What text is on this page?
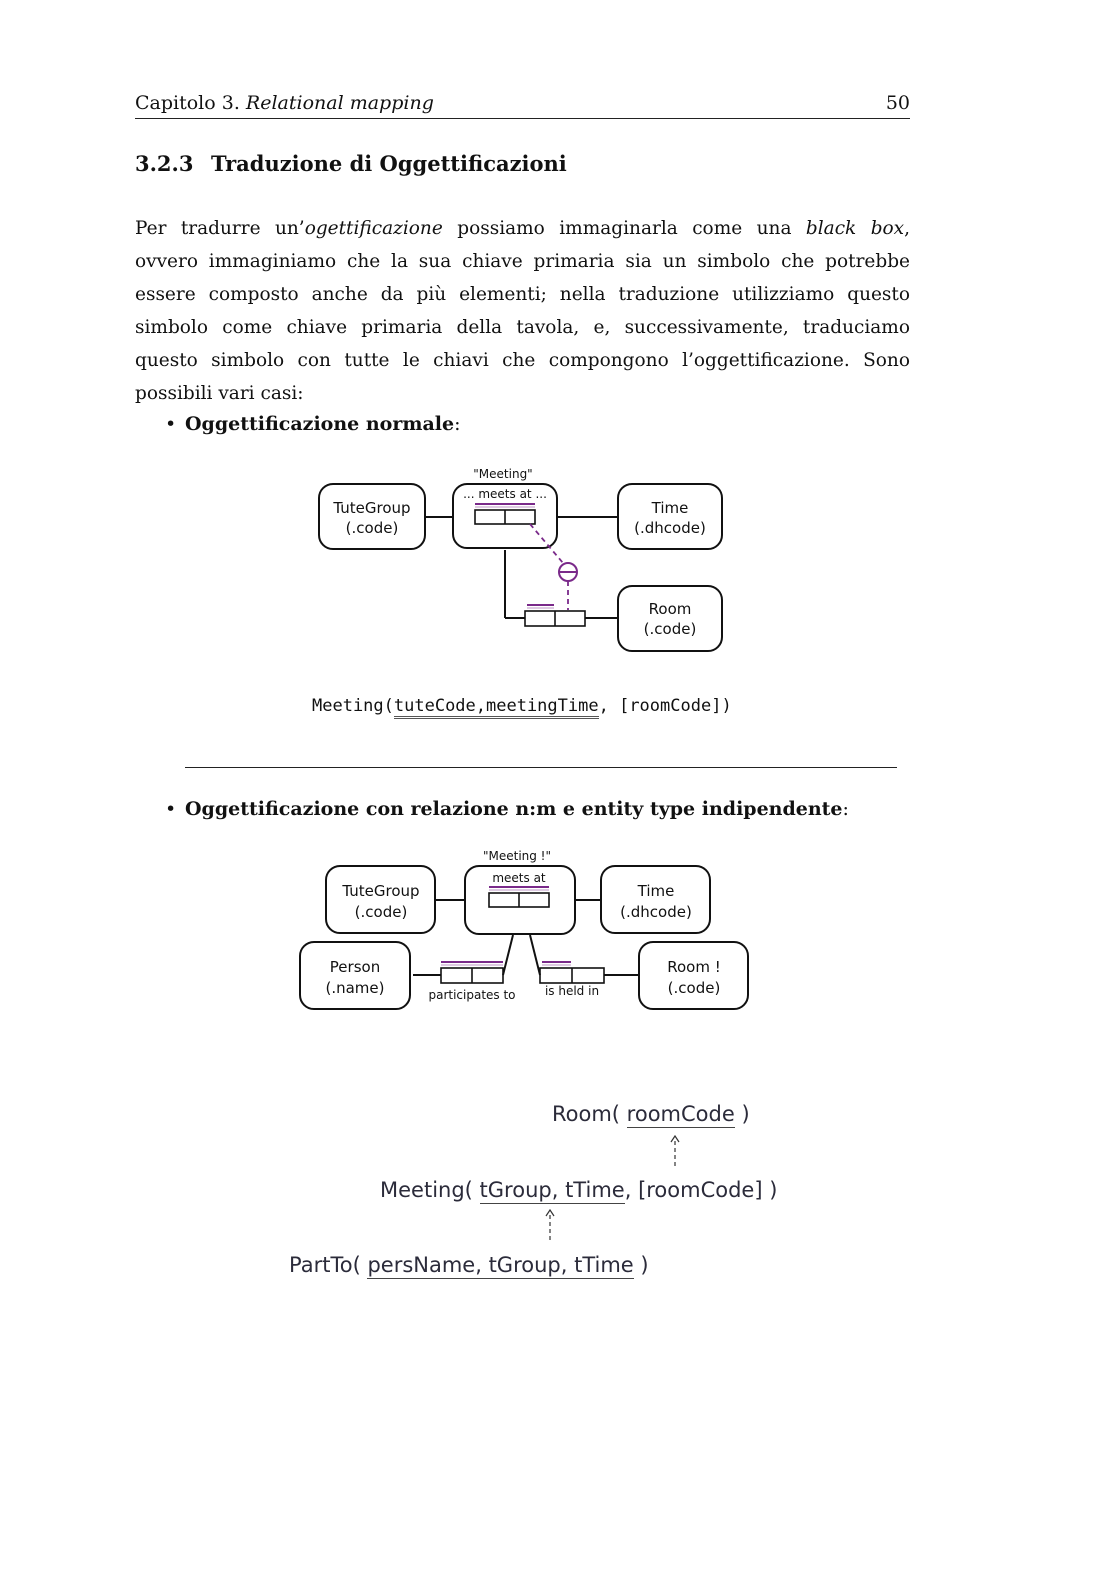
Capitolo 3. Relational mapping	50
3.2.3 Traduzione di Oggettificazioni

Per tradurre un’ogettificazione possiamo immaginarla come una black box, ovvero immaginiamo che la sua chiave primaria sia un simbolo che potrebbe essere composto anche da più elementi; nella traduzione utilizziamo questo simbolo come chiave primaria della tavola, e, successivamente, traduciamo questo simbolo con tutte le chiavi che compongono l’oggettificazione. Sono possibili vari casi:

• Oggettificazione normale:
"Meeting"
... meets at ...
TuteGroup
(.code)
Time
(.dhcode)
Room
(.code)
Meeting(tuteCode,meetingTime, [roomCode])
• Oggettificazione con relazione n:m e entity type indipendente:
"Meeting !"
meets at
TuteGroup
(.code)
Time
(.dhcode)
Person
(.name)
Room !
(.code)
participates to is held in
Room( roomCode )
Meeting( tGroup, tTime, [roomCode] )
PartTo( persName, tGroup, tTime )
